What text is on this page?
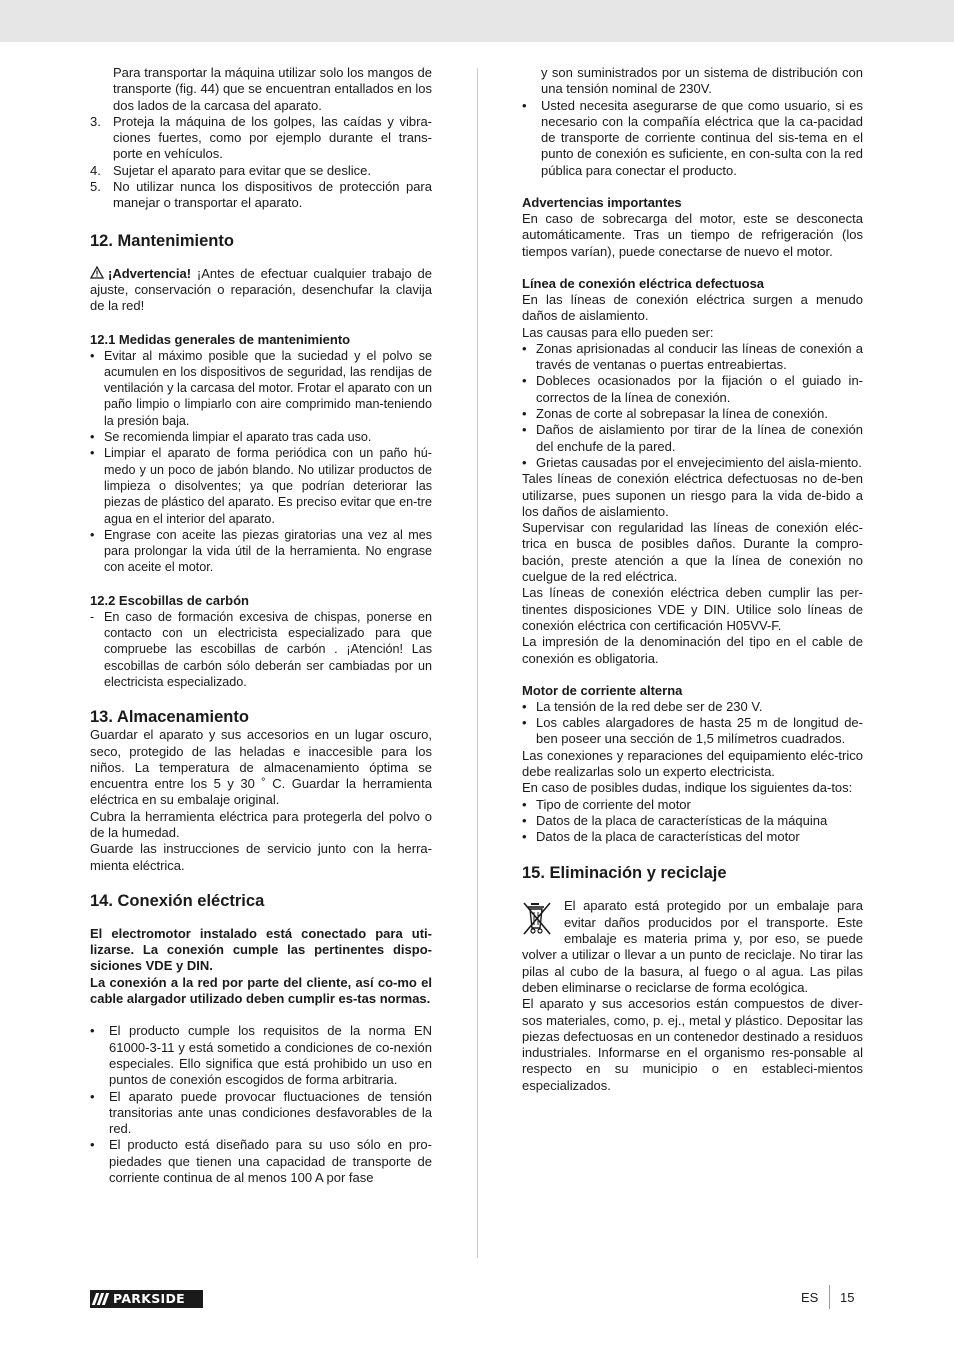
Para transportar la máquina utilizar solo los mangos de transporte (fig. 44) que se encuentran entallados en los dos lados de la carcasa del aparato.

3. Proteja la máquina de los golpes, las caídas y vibra-ciones fuertes, como por ejemplo durante el trans-porte en vehículos.
4. Sujetar el aparato para evitar que se deslice.
5. No utilizar nunca los dispositivos de protección para manejar o transportar el aparato.
12. Mantenimiento

¡Advertencia! ¡Antes de efectuar cualquier trabajo de ajuste, conservación o reparación, desenchufar la clavija de la red!

12.1 Medidas generales de mantenimiento
• Evitar al máximo posible que la suciedad y el polvo se acumulen en los dispositivos de seguridad, las rendijas de ventilación y la carcasa del motor. Frotar el aparato con un paño limpio o limpiarlo con aire comprimido man-teniendo la presión baja.
• Se recomienda limpiar el aparato tras cada uso.
• Limpiar el aparato de forma periódica con un paño hú-medo y un poco de jabón blando. No utilizar productos de limpieza o disolventes; ya que podrían deteriorar las piezas de plástico del aparato. Es preciso evitar que en-tre agua en el interior del aparato.
• Engrase con aceite las piezas giratorias una vez al mes para prolongar la vida útil de la herramienta. No engrase con aceite el motor.
12.2 Escobillas de carbón
- En caso de formación excesiva de chispas, ponerse en contacto con un electricista especializado para que compruebe las escobillas de carbón . ¡Atención! Las escobillas de carbón sólo deberán ser cambiadas por un electricista especializado.
13. Almacenamiento

Guardar el aparato y sus accesorios en un lugar oscuro, seco, protegido de las heladas e inaccesible para los niños. La temperatura de almacenamiento óptima se encuentra entre los 5 y 30 ˚ C. Guardar la herramienta eléctrica en su embalaje original.

Cubra la herramienta eléctrica para protegerla del polvo o de la humedad.

Guarde las instrucciones de servicio junto con la herra-mienta eléctrica.

14. Conexión eléctrica

El electromotor instalado está conectado para uti-lizarse. La conexión cumple las pertinentes dispo-siciones VDE y DIN.

La conexión a la red por parte del cliente, así co-mo el cable alargador utilizado deben cumplir es-tas normas.

• El producto cumple los requisitos de la norma EN 61000-3-11 y está sometido a condiciones de co-nexión especiales. Ello significa que está prohibido un uso en puntos de conexión escogidos de forma arbitraria.
• El aparato puede provocar fluctuaciones de tensión transitorias ante unas condiciones desfavorables de la red.
• El producto está diseñado para su uso sólo en pro-piedades que tienen una capacidad de transporte de corriente continua de al menos 100 A por fase

y son suministrados por un sistema de distribución con una tensión nominal de 230V.

• Usted necesita asegurarse de que como usuario, si es necesario con la compañía eléctrica que la ca-pacidad de transporte de corriente continua del sis-tema en el punto de conexión es suficiente, en con-sulta con la red pública para conectar el producto.
Advertencias importantes

En caso de sobrecarga del motor, este se desconecta automáticamente. Tras un tiempo de refrigeración (los tiempos varían), puede conectarse de nuevo el motor.

Línea de conexión eléctrica defectuosa

En las líneas de conexión eléctrica surgen a menudo daños de aislamiento.

Las causas para ello pueden ser:

• Zonas aprisionadas al conducir las líneas de conexión a través de ventanas o puertas entreabiertas.
• Dobleces ocasionados por la fijación o el guiado in-correctos de la línea de conexión.
• Zonas de corte al sobrepasar la línea de conexión.
• Daños de aislamiento por tirar de la línea de conexión del enchufe de la pared.
• Grietas causadas por el envejecimiento del aisla-miento.

Tales líneas de conexión eléctrica defectuosas no de-ben utilizarse, pues suponen un riesgo para la vida de-bido a los daños de aislamiento.

Supervisar con regularidad las líneas de conexión eléc-trica en busca de posibles daños. Durante la compro-bación, preste atención a que la línea de conexión no cuelgue de la red eléctrica.

Las líneas de conexión eléctrica deben cumplir las per-tinentes disposiciones VDE y DIN. Utilice solo líneas de conexión eléctrica con certificación H05VV-F.

La impresión de la denominación del tipo en el cable de conexión es obligatoria.

Motor de corriente alterna
• La tensión de la red debe ser de 230 V.
• Los cables alargadores de hasta 25 m de longitud de-ben poseer una sección de 1,5 milímetros cuadrados.

Las conexiones y reparaciones del equipamiento eléc-trico debe realizarlas solo un experto electricista.

En caso de posibles dudas, indique los siguientes da-tos:

• Tipo de corriente del motor
• Datos de la placa de características de la máquina
• Datos de la placa de características del motor
15. Eliminación y reciclaje

El aparato está protegido por un embalaje para evitar daños producidos por el transporte. Este embalaje es materia prima y, por eso, se puede volver a utilizar o llevar a un punto de reciclaje. No tirar las pilas al cubo de la basura, al fuego o al agua. Las pilas deben eliminarse o reciclarse de forma ecológica.

El aparato y sus accesorios están compuestos de diver-sos materiales, como, p. ej., metal y plástico. Depositar las piezas defectuosas en un contenedor destinado a residuos industriales. Informarse en el organismo res-ponsable al respecto en su municipio o en estableci-mientos especializados.

PARKSIDE	ES 15
